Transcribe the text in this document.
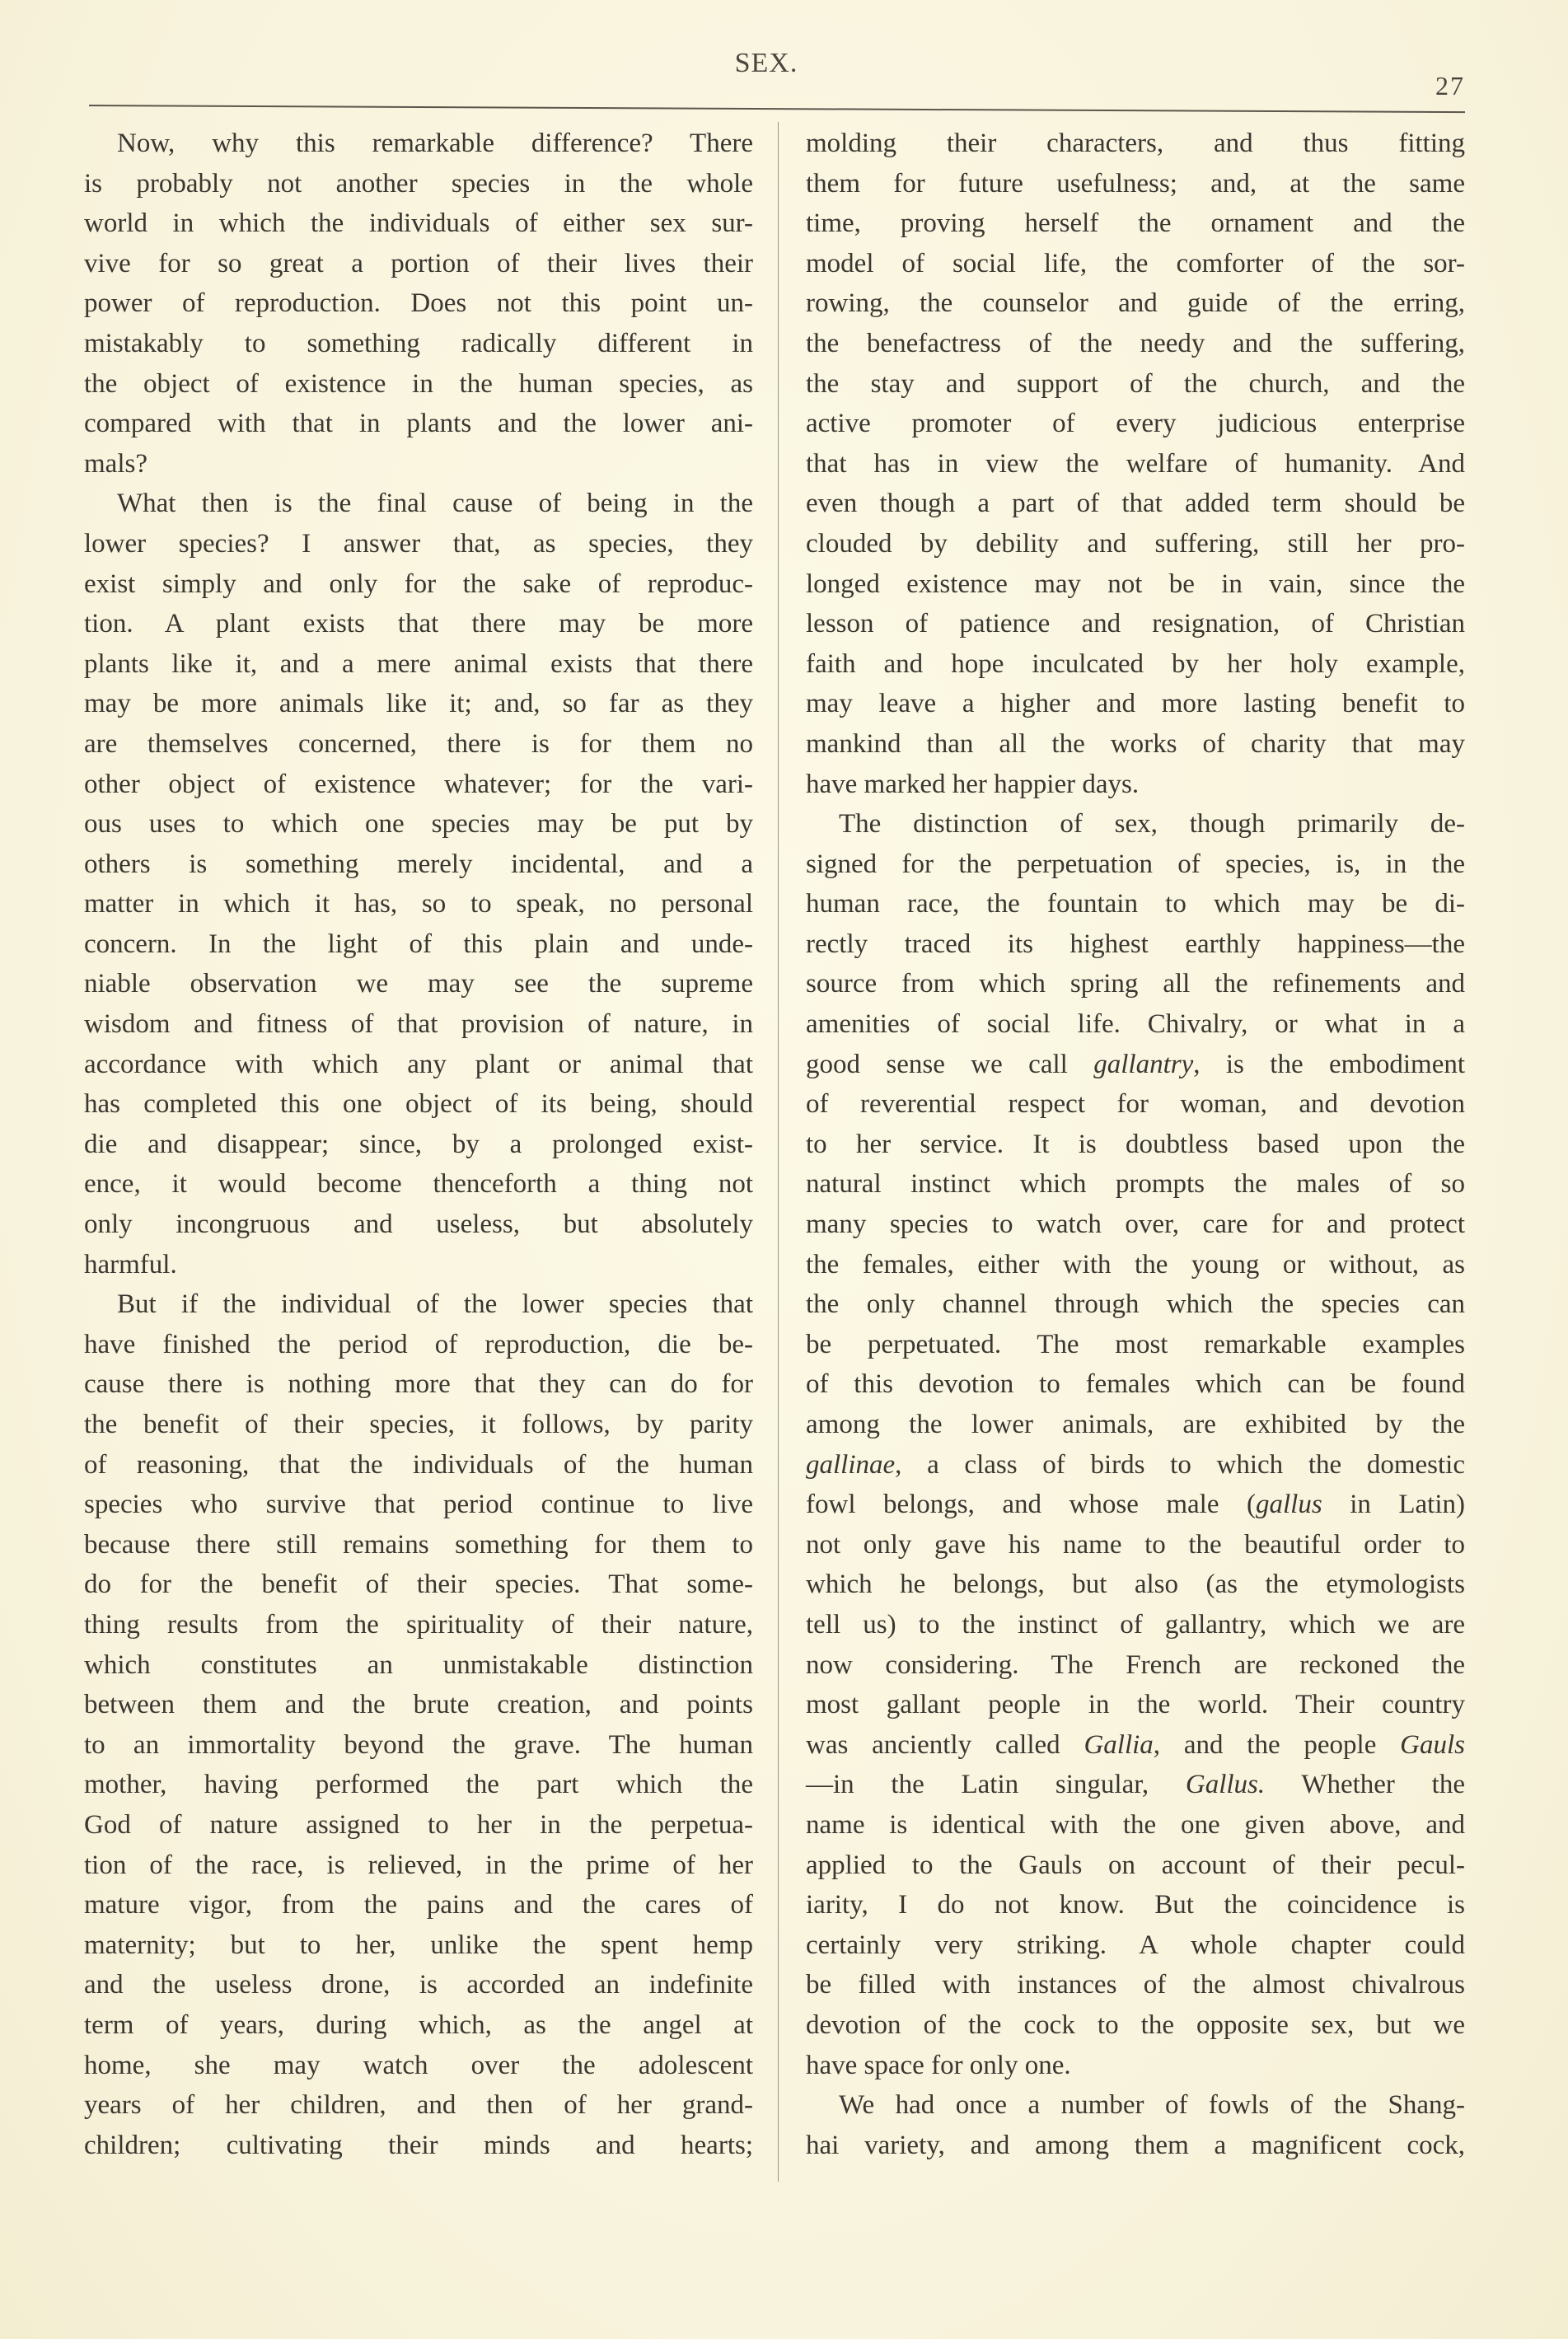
SEX.
27
Now, why this remarkable difference? There
is probably not another species in the whole
world in which the individuals of either sex sur-
vive for so great a portion of their lives their
power of reproduction. Does not this point un-
mistakably to something radically different in
the object of existence in the human species, as
compared with that in plants and the lower ani-
mals?
What then is the final cause of being in the
lower species? I answer that, as species, they
exist simply and only for the sake of reproduc-
tion. A plant exists that there may be more
plants like it, and a mere animal exists that there
may be more animals like it; and, so far as they
are themselves concerned, there is for them no
other object of existence whatever; for the vari-
ous uses to which one species may be put by
others is something merely incidental, and a
matter in which it has, so to speak, no personal
concern. In the light of this plain and unde-
niable observation we may see the supreme
wisdom and fitness of that provision of nature, in
accordance with which any plant or animal that
has completed this one object of its being, should
die and disappear; since, by a prolonged exist-
ence, it would become thenceforth a thing not
only incongruous and useless, but absolutely
harmful.
But if the individual of the lower species that
have finished the period of reproduction, die be-
cause there is nothing more that they can do for
the benefit of their species, it follows, by parity
of reasoning, that the individuals of the human
species who survive that period continue to live
because there still remains something for them to
do for the benefit of their species. That some-
thing results from the spirituality of their nature,
which constitutes an unmistakable distinction
between them and the brute creation, and points
to an immortality beyond the grave. The human
mother, having performed the part which the
God of nature assigned to her in the perpetua-
tion of the race, is relieved, in the prime of her
mature vigor, from the pains and the cares of
maternity; but to her, unlike the spent hemp
and the useless drone, is accorded an indefinite
term of years, during which, as the angel at
home, she may watch over the adolescent
years of her children, and then of her grand-
children; cultivating their minds and hearts;
molding their characters, and thus fitting
them for future usefulness; and, at the same
time, proving herself the ornament and the
model of social life, the comforter of the sor-
rowing, the counselor and guide of the erring,
the benefactress of the needy and the suffering,
the stay and support of the church, and the
active promoter of every judicious enterprise
that has in view the welfare of humanity. And
even though a part of that added term should be
clouded by debility and suffering, still her pro-
longed existence may not be in vain, since the
lesson of patience and resignation, of Christian
faith and hope inculcated by her holy example,
may leave a higher and more lasting benefit to
mankind than all the works of charity that may
have marked her happier days.
The distinction of sex, though primarily de-
signed for the perpetuation of species, is, in the
human race, the fountain to which may be di-
rectly traced its highest earthly happiness—the
source from which spring all the refinements and
amenities of social life. Chivalry, or what in a
good sense we call gallantry, is the embodiment
of reverential respect for woman, and devotion
to her service. It is doubtless based upon the
natural instinct which prompts the males of so
many species to watch over, care for and protect
the females, either with the young or without, as
the only channel through which the species can
be perpetuated. The most remarkable examples
of this devotion to females which can be found
among the lower animals, are exhibited by the
gallinae, a class of birds to which the domestic
fowl belongs, and whose male (gallus in Latin)
not only gave his name to the beautiful order to
which he belongs, but also (as the etymologists
tell us) to the instinct of gallantry, which we are
now considering. The French are reckoned the
most gallant people in the world. Their country
was anciently called Gallia, and the people Gauls
—in the Latin singular, Gallus. Whether the
name is identical with the one given above, and
applied to the Gauls on account of their pecul-
iarity, I do not know. But the coincidence is
certainly very striking. A whole chapter could
be filled with instances of the almost chivalrous
devotion of the cock to the opposite sex, but we
have space for only one.
We had once a number of fowls of the Shang-
hai variety, and among them a magnificent cock,
